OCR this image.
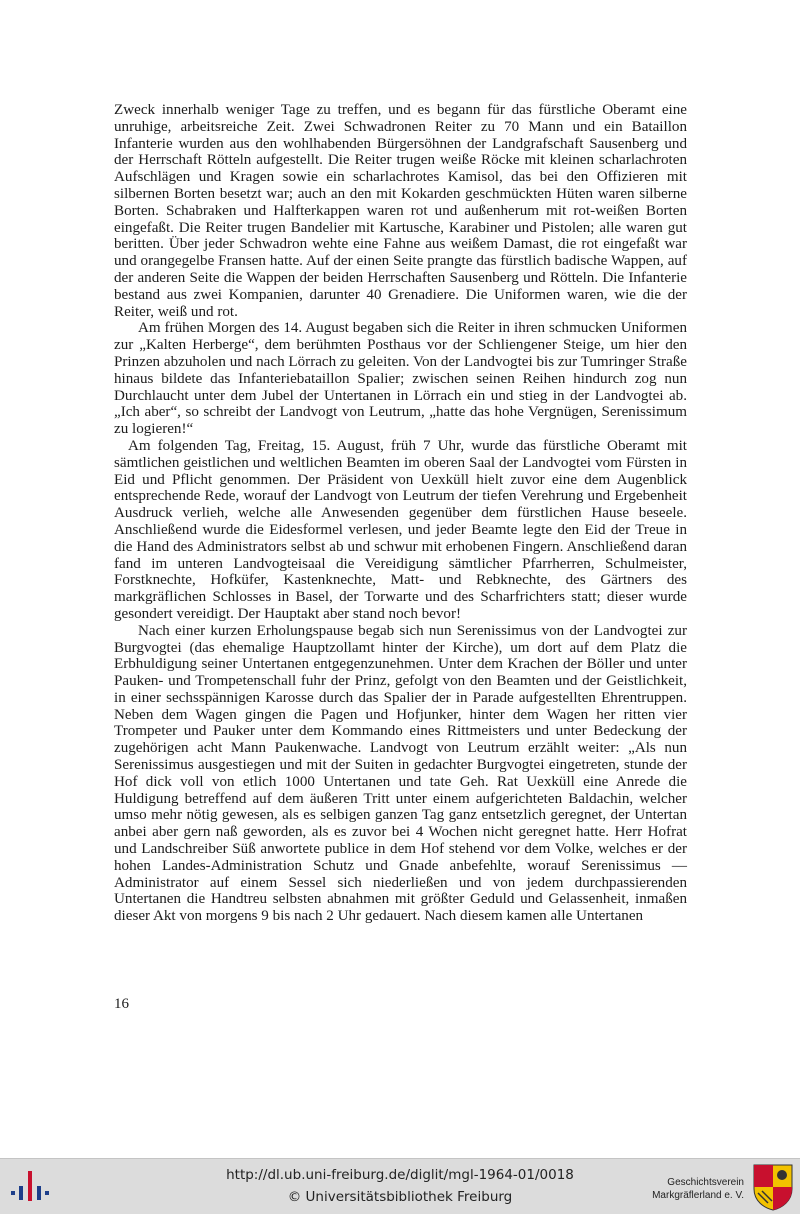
Zweck innerhalb weniger Tage zu treffen, und es begann für das fürstliche Oberamt eine unruhige, arbeitsreiche Zeit. Zwei Schwadronen Reiter zu 70 Mann und ein Bataillon Infanterie wurden aus den wohlhabenden Bürgersöhnen der Landgrafschaft Sausenberg und der Herrschaft Rötteln aufgestellt. Die Reiter trugen weiße Röcke mit kleinen scharlachroten Aufschlägen und Kragen sowie ein scharlachrotes Kamisol, das bei den Offizieren mit silbernen Borten besetzt war; auch an den mit Kokarden geschmückten Hüten waren silberne Borten. Schabraken und Halfterkappen waren rot und außenherum mit rot-weißen Borten eingefaßt. Die Reiter trugen Bandelier mit Kartusche, Karabiner und Pistolen; alle waren gut beritten. Über jeder Schwadron wehte eine Fahne aus weißem Damast, die rot eingefaßt war und orangegelbe Fransen hatte. Auf der einen Seite prangte das fürstlich badische Wappen, auf der anderen Seite die Wappen der beiden Herrschaften Sausenberg und Rötteln. Die Infanterie bestand aus zwei Kompanien, darunter 40 Grenadiere. Die Uniformen waren, wie die der Reiter, weiß und rot.

Am frühen Morgen des 14. August begaben sich die Reiter in ihren schmucken Uniformen zur „Kalten Herberge“, dem berühmten Posthaus vor der Schliengener Steige, um hier den Prinzen abzuholen und nach Lörrach zu geleiten. Von der Landvogtei bis zur Tumringer Straße hinaus bildete das Infanteriebataillon Spalier; zwischen seinen Reihen hindurch zog nun Durchlaucht unter dem Jubel der Untertanen in Lörrach ein und stieg in der Landvogtei ab. „Ich aber“, so schreibt der Landvogt von Leutrum, „hatte das hohe Vergnügen, Serenissimum zu logieren!“

Am folgenden Tag, Freitag, 15. August, früh 7 Uhr, wurde das fürstliche Oberamt mit sämtlichen geistlichen und weltlichen Beamten im oberen Saal der Landvogtei vom Fürsten in Eid und Pflicht genommen. Der Präsident von Uexküll hielt zuvor eine dem Augenblick entsprechende Rede, worauf der Landvogt von Leutrum der tiefen Verehrung und Ergebenheit Ausdruck verlieh, welche alle Anwesenden gegenüber dem fürstlichen Hause beseele. Anschließend wurde die Eidesformel verlesen, und jeder Beamte legte den Eid der Treue in die Hand des Administrators selbst ab und schwur mit erhobenen Fingern. Anschließend daran fand im unteren Landvogteisaal die Vereidigung sämtlicher Pfarrherren, Schulmeister, Forstknechte, Hofküfer, Kastenknechte, Matt- und Rebknechte, des Gärtners des markgräflichen Schlosses in Basel, der Torwarte und des Scharfrichters statt; dieser wurde gesondert vereidigt. Der Hauptakt aber stand noch bevor!

Nach einer kurzen Erholungspause begab sich nun Serenissimus von der Landvogtei zur Burgvogtei (das ehemalige Hauptzollamt hinter der Kirche), um dort auf dem Platz die Erbhuldigung seiner Untertanen entgegenzunehmen. Unter dem Krachen der Böller und unter Pauken- und Trompetenschall fuhr der Prinz, gefolgt von den Beamten und der Geistlichkeit, in einer sechsspännigen Karosse durch das Spalier der in Parade aufgestellten Ehrentruppen. Neben dem Wagen gingen die Pagen und Hofjunker, hinter dem Wagen her ritten vier Trompeter und Pauker unter dem Kommando eines Rittmeisters und unter Bedeckung der zugehörigen acht Mann Paukenwache. Landvogt von Leutrum erzählt weiter: „Als nun Serenissimus ausgestiegen und mit der Suiten in gedachter Burgvogtei eingetreten, stunde der Hof dick voll von etlich 1000 Untertanen und tate Geh. Rat Uexküll eine Anrede die Huldigung betreffend auf dem äußeren Tritt unter einem aufgerichteten Baldachin, welcher umso mehr nötig gewesen, als es selbigen ganzen Tag ganz entsetzlich geregnet, der Untertan anbei aber gern naß geworden, als es zuvor bei 4 Wochen nicht geregnet hatte. Herr Hofrat und Landschreiber Süß anwortete publice in dem Hof stehend vor dem Volke, welches er der hohen Landes-Administration Schutz und Gnade anbefehlte, worauf Serenissimus — Administrator auf einem Sessel sich niederließen und von jedem durchpassierenden Untertanen die Handtreu selbsten abnahmen mit größter Geduld und Gelassenheit, inmaßen dieser Akt von morgens 9 bis nach 2 Uhr gedauert. Nach diesem kamen alle Untertanen

16
http://dl.ub.uni-freiburg.de/diglit/mgl-1964-01/0018
© Universitätsbibliothek Freiburg
Geschichtsverein
Markgräflerland e. V.
